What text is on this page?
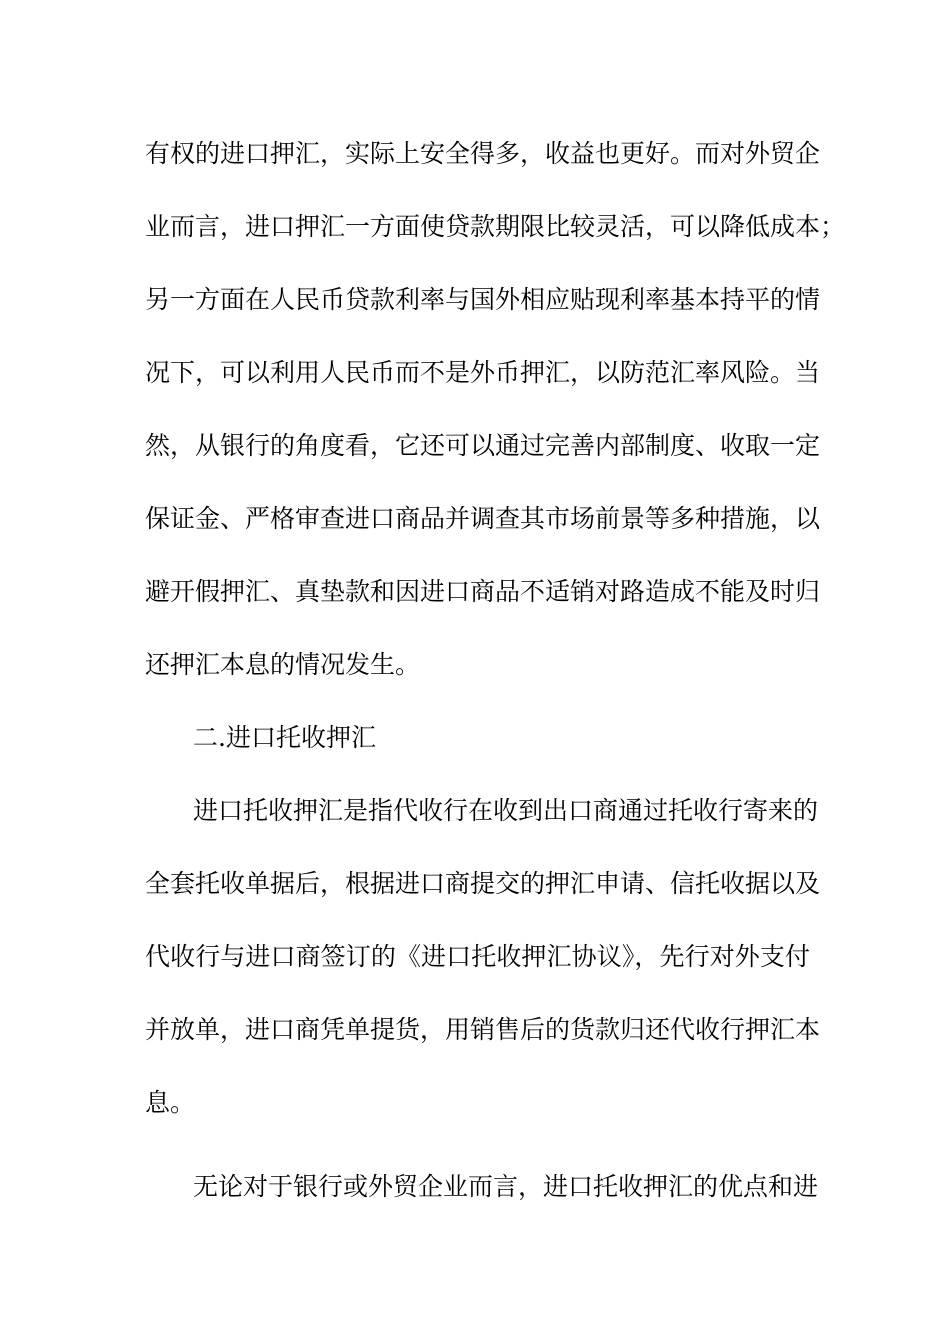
有权的进口押汇，实际上安全得多，收益也更好。而对外贸企
业而言，进口押汇一方面使贷款期限比较灵活，可以降低成本；
另一方面在人民币贷款利率与国外相应贴现利率基本持平的情
况下，可以利用人民币而不是外币押汇，以防范汇率风险。当
然，从银行的角度看，它还可以通过完善内部制度、收取一定
保证金、严格审查进口商品并调查其市场前景等多种措施，以
避开假押汇、真垫款和因进口商品不适销对路造成不能及时归
还押汇本息的情况发生。
二.进口托收押汇
进口托收押汇是指代收行在收到出口商通过托收行寄来的
全套托收单据后，根据进口商提交的押汇申请、信托收据以及
代收行与进口商签订的《进口托收押汇协议》，先行对外支付
并放单，进口商凭单提货，用销售后的货款归还代收行押汇本
息。
无论对于银行或外贸企业而言，进口托收押汇的优点和进
